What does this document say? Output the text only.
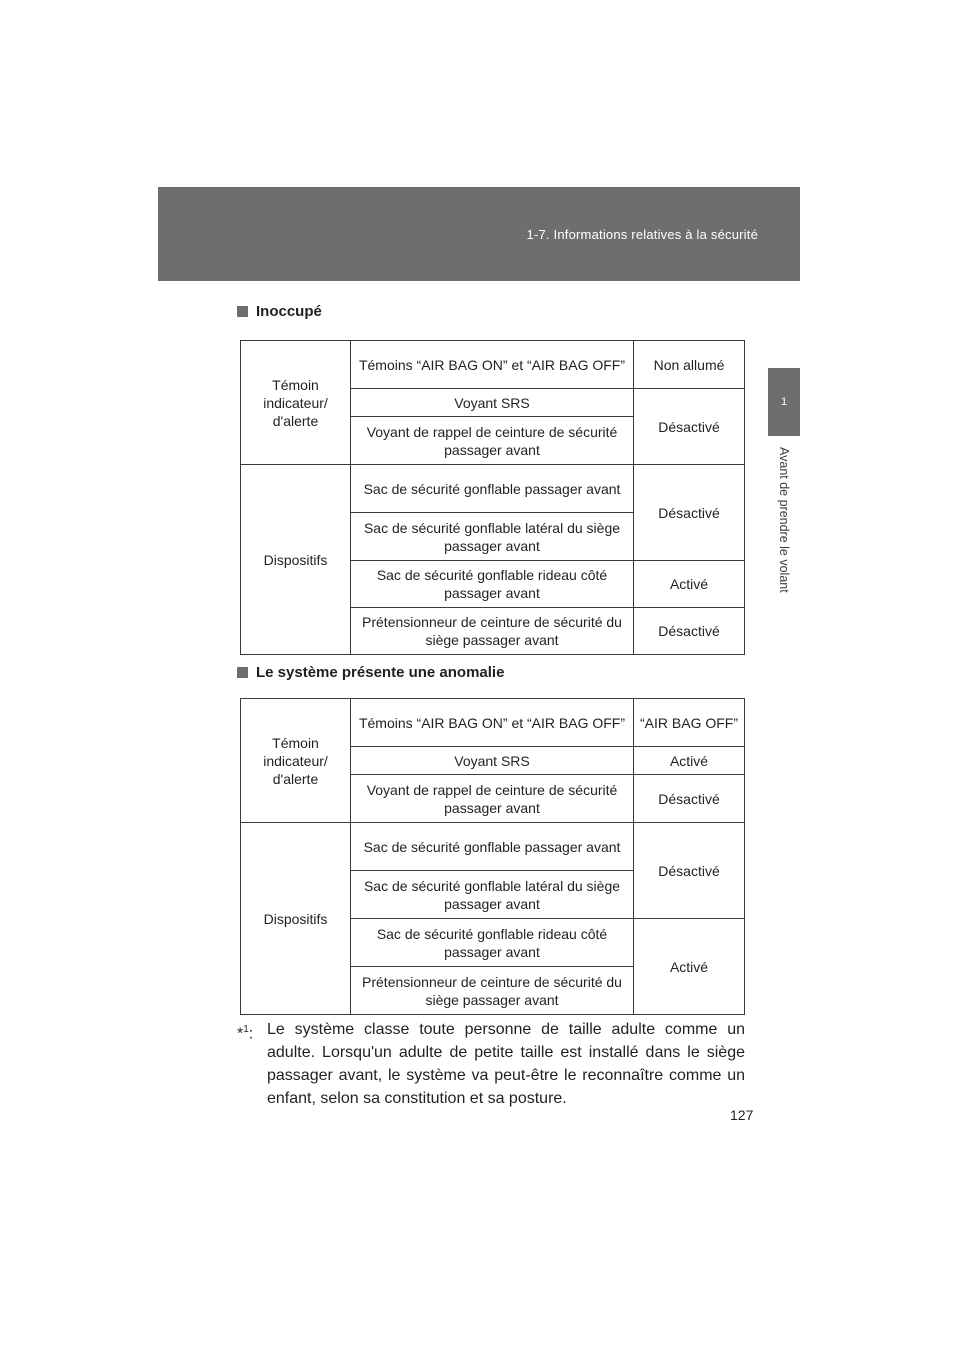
1-7. Informations relatives à la sécurité
1
Avant de prendre le volant
Inoccupé
Témoin indicateur/ d'alerte	Témoins “AIR BAG ON” et “AIR BAG OFF”	Non allumé
	Voyant SRS	Désactivé
	Voyant de rappel de ceinture de sécurité passager avant	
Dispositifs	Sac de sécurité gonflable passager avant	Désactivé
	Sac de sécurité gonflable latéral du siège passager avant	
	Sac de sécurité gonflable rideau côté passager avant	Activé
	Prétensionneur de ceinture de sécurité du siège passager avant	Désactivé
Le système présente une anomalie
Témoin indicateur/ d'alerte	Témoins “AIR BAG ON” et “AIR BAG OFF”	“AIR BAG OFF”
	Voyant SRS	Activé
	Voyant de rappel de ceinture de sécurité passager avant	Désactivé
Dispositifs	Sac de sécurité gonflable passager avant	Désactivé
	Sac de sécurité gonflable latéral du siège passager avant	
	Sac de sécurité gonflable rideau côté passager avant	Activé
	Prétensionneur de ceinture de sécurité du siège passager avant	
*$^1$: Le système classe toute personne de taille adulte comme un adulte. Lorsqu'un adulte de petite taille est installé dans le siège passager avant, le système va peut-être le reconnaître comme un enfant, selon sa constitution et sa posture.
127
